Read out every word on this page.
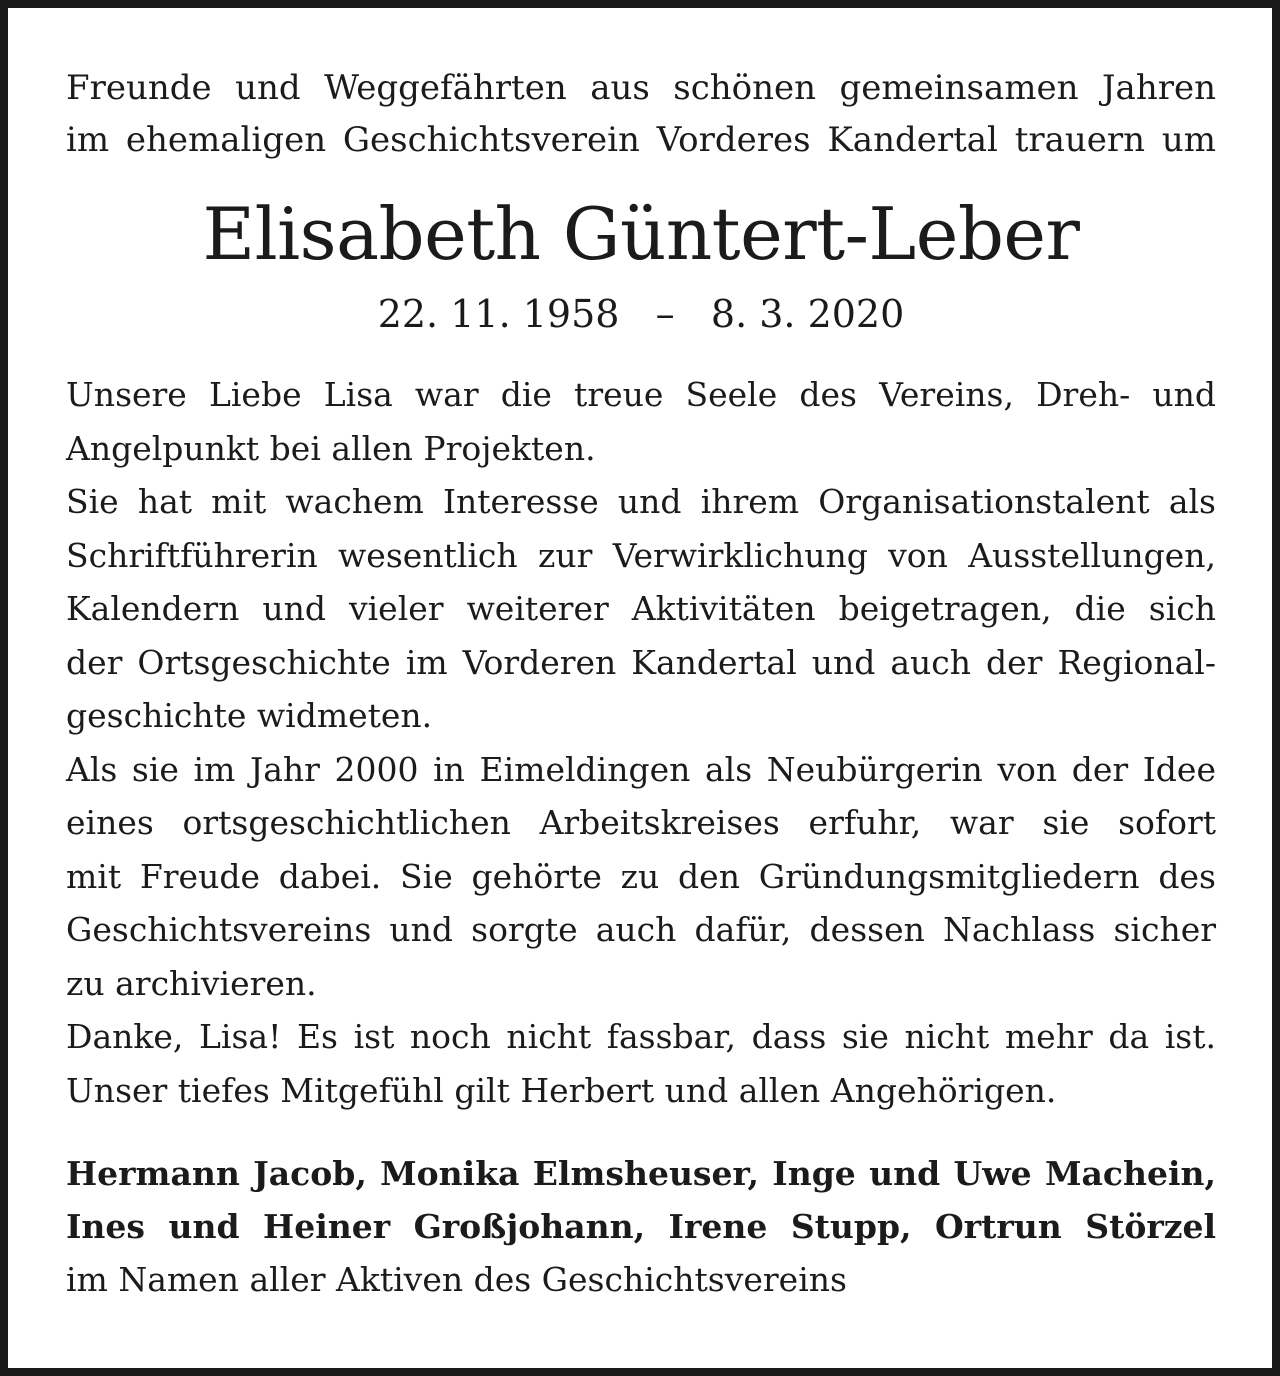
Freunde und Weggefährten aus schönen gemeinsamen Jahren
im ehemaligen Geschichtsverein Vorderes Kandertal trauern um

Elisabeth Güntert-Leber

22. 11. 1958   –   8. 3. 2020

Unsere Liebe Lisa war die treue Seele des Vereins, Dreh- und
Angelpunkt bei allen Projekten.
Sie hat mit wachem Interesse und ihrem Organisationstalent als
Schriftführerin wesentlich zur Verwirklichung von Ausstellungen,
Kalendern und vieler weiterer Aktivitäten beigetragen, die sich
der Ortsgeschichte im Vorderen Kandertal und auch der Regional-
geschichte widmeten.
Als sie im Jahr 2000 in Eimeldingen als Neubürgerin von der Idee
eines ortsgeschichtlichen Arbeitskreises erfuhr, war sie sofort
mit Freude dabei. Sie gehörte zu den Gründungsmitgliedern des
Geschichtsvereins und sorgte auch dafür, dessen Nachlass sicher
zu archivieren.
Danke, Lisa! Es ist noch nicht fassbar, dass sie nicht mehr da ist.
Unser tiefes Mitgefühl gilt Herbert und allen Angehörigen.
Hermann Jacob, Monika Elmsheuser, Inge und Uwe Machein,
Ines und Heiner Großjohann, Irene Stupp, Ortrun Störzel
im Namen aller Aktiven des Geschichtsvereins
